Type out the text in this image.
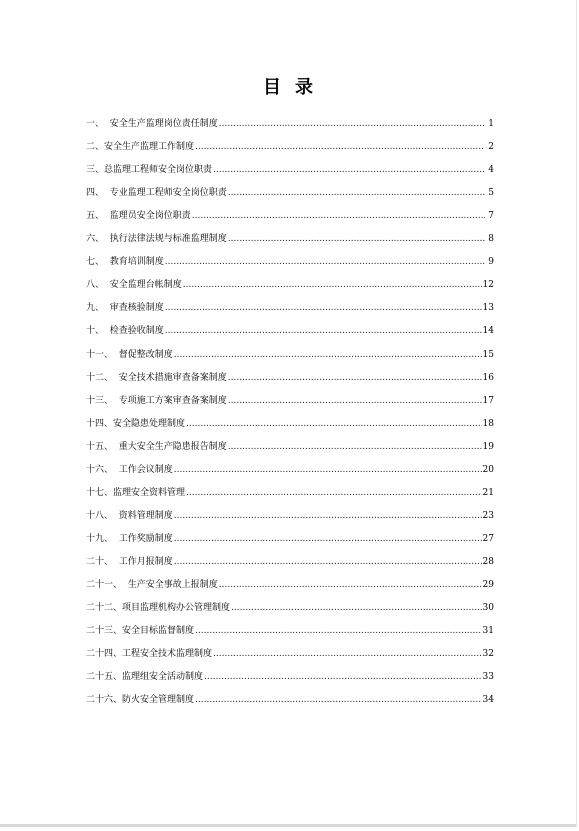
目录
一、 安全生产监理岗位责任制度 .....	1
二、 安全生产监理工作制度 .....	2
三、 总监理工程师安全岗位职责 .....	4
四、 专业监理工程师安全岗位职责 .....	5
五、 监理员安全岗位职责 .....	7
六、 执行法律法规与标准监理制度 .....	8
七、 教育培训制度 .....	9
八、 安全监理台帐制度 .....	12
九、 审查核验制度 .....	13
十、 检查验收制度 .....	14
十一、 督促整改制度 .....	15
十二、 安全技术措施审查备案制度 .....	16
十三、 专项施工方案审查备案制度 .....	17
十四、 安全隐患处理制度 .....	18
十五、 重大安全生产隐患报告制度 .....	19
十六、 工作会议制度 .....	20
十七、 监理安全资料管理 .....	21
十八、 资料管理制度 .....	23
十九、 工作奖励制度 .....	27
二十、 工作月报制度 .....	28
二十一、 生产安全事故上报制度 .....	29
二十二、 项目监理机构办公管理制度 .....	30
二十三、 安全目标监督制度 .....	31
二十四、 工程安全技术监理制度 .....	32
二十五、 监理组安全活动制度 .....	33
二十六、 防火安全管理制度 .....	34
